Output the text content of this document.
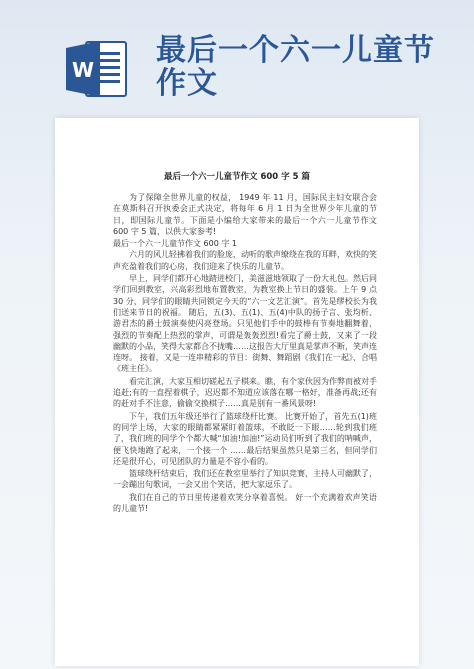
W
最后一个六一儿童节作文
最后一个六一儿童节作文 600 字 5 篇

为了保障全世界儿童的权益， 1949 年 11 月，国际民主妇女联合会在莫斯科召开执委会正式决定，将每年 6 月 1 日为全世界少年儿童的节日，即国际儿童节。下面是小编给大家带来的最后一个六一儿童节作文 600 字 5 篇，以供大家参考!

最后一个六一儿童节作文 600 字 1

六月的风儿轻拂着我们的脸庞，动听的歌声缭绕在我的耳畔，欢快的笑声充盈着我们的心房，我们迎来了快乐的儿童节。

早上，同学们都开心地踏进校门，美滋滋地领取了一份大礼包。然后同学们回到教室，兴高彩烈地布置教室，为教室换上节日的盛装。上午 9 点 30 分，同学们的眼睛共同锁定今天的“六一文艺汇演”。首先是缪校长为我们送来节日的祝福。 随后，五(3)、五(1)、五(4)中队的扬子言、张均析、游君杰的爵士鼓演奏使闪亮登场。只见他们手中的鼓棒有节奏地翻舞着， 强烈的节奏配上热烈的掌声，可谓是轰轰烈烈!看完了爵士鼓，又来了一段幽默的小品，笑得大家都合不拢嘴……这报告大厅里真是掌声不断，笑声连连呀。 接着，又是一连串精彩的节目：街舞、舞蹈剧《我们在一起》、合唱《班主任》。

看完汇演，大家互相切磋起五子棋来。瞧，有个家伙因为作弊而被对手追赶;有的一直捏着棋子，迟迟都不知道应该落在哪一格好，准备再战;还有的赶对手不注意，偷偷交换棋子……真是别有一番风景呀!

下午，我们五年级还举行了篮球绕杆比赛。 比赛开始了，首先五(1)班的同学上场，大家的眼睛都紧紧盯着篮球，不敢眨一下眼……轮到我们班了，我们班的同学个个都大喊“加油!加油!”运动员们听到了我们的呐喊声，便飞快地跑了起来，一个接一个 ……最后结果虽然只是第三名，但同学们还是很开心，可见团队的力量是不容小看的。

篮球绕杆结束后，我们还在教室里举行了知识竞赛，主持人可幽默了，一会蹦出句歌词，一会又出个笑话，把大家逗乐了。

我们在自己的节日里传递着欢笑分享着喜悦。 好一个充满着欢声笑语的儿童节!
